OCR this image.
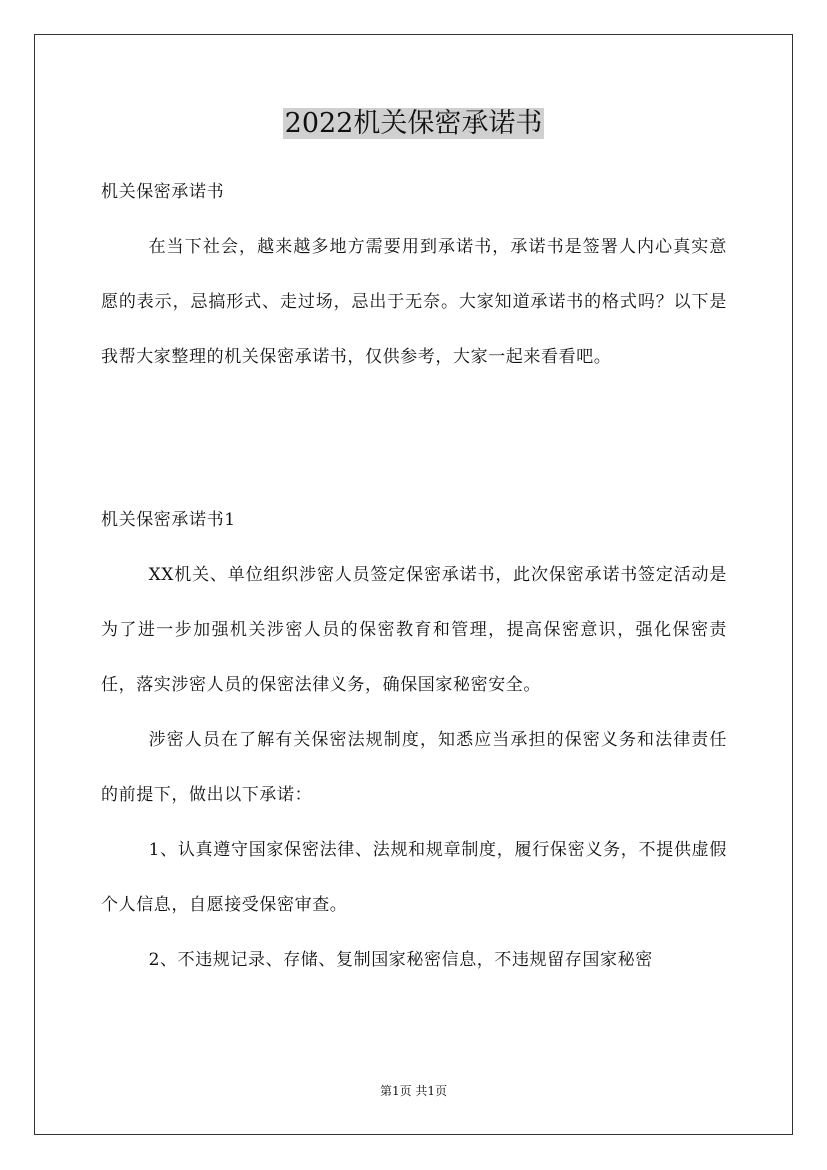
2022机关保密承诺书

机关保密承诺书

在当下社会，越来越多地方需要用到承诺书，承诺书是签署人内心真实意愿的表示，忌搞形式、走过场，忌出于无奈。大家知道承诺书的格式吗？以下是我帮大家整理的机关保密承诺书，仅供参考，大家一起来看看吧。

机关保密承诺书1

XX机关、单位组织涉密人员签定保密承诺书，此次保密承诺书签定活动是为了进一步加强机关涉密人员的保密教育和管理，提高保密意识，强化保密责任，落实涉密人员的保密法律义务，确保国家秘密安全。

涉密人员在了解有关保密法规制度，知悉应当承担的保密义务和法律责任的前提下，做出以下承诺：

1、认真遵守国家保密法律、法规和规章制度，履行保密义务，不提供虚假个人信息，自愿接受保密审查。

2、不违规记录、存储、复制国家秘密信息，不违规留存国家秘密

第1页 共1页
